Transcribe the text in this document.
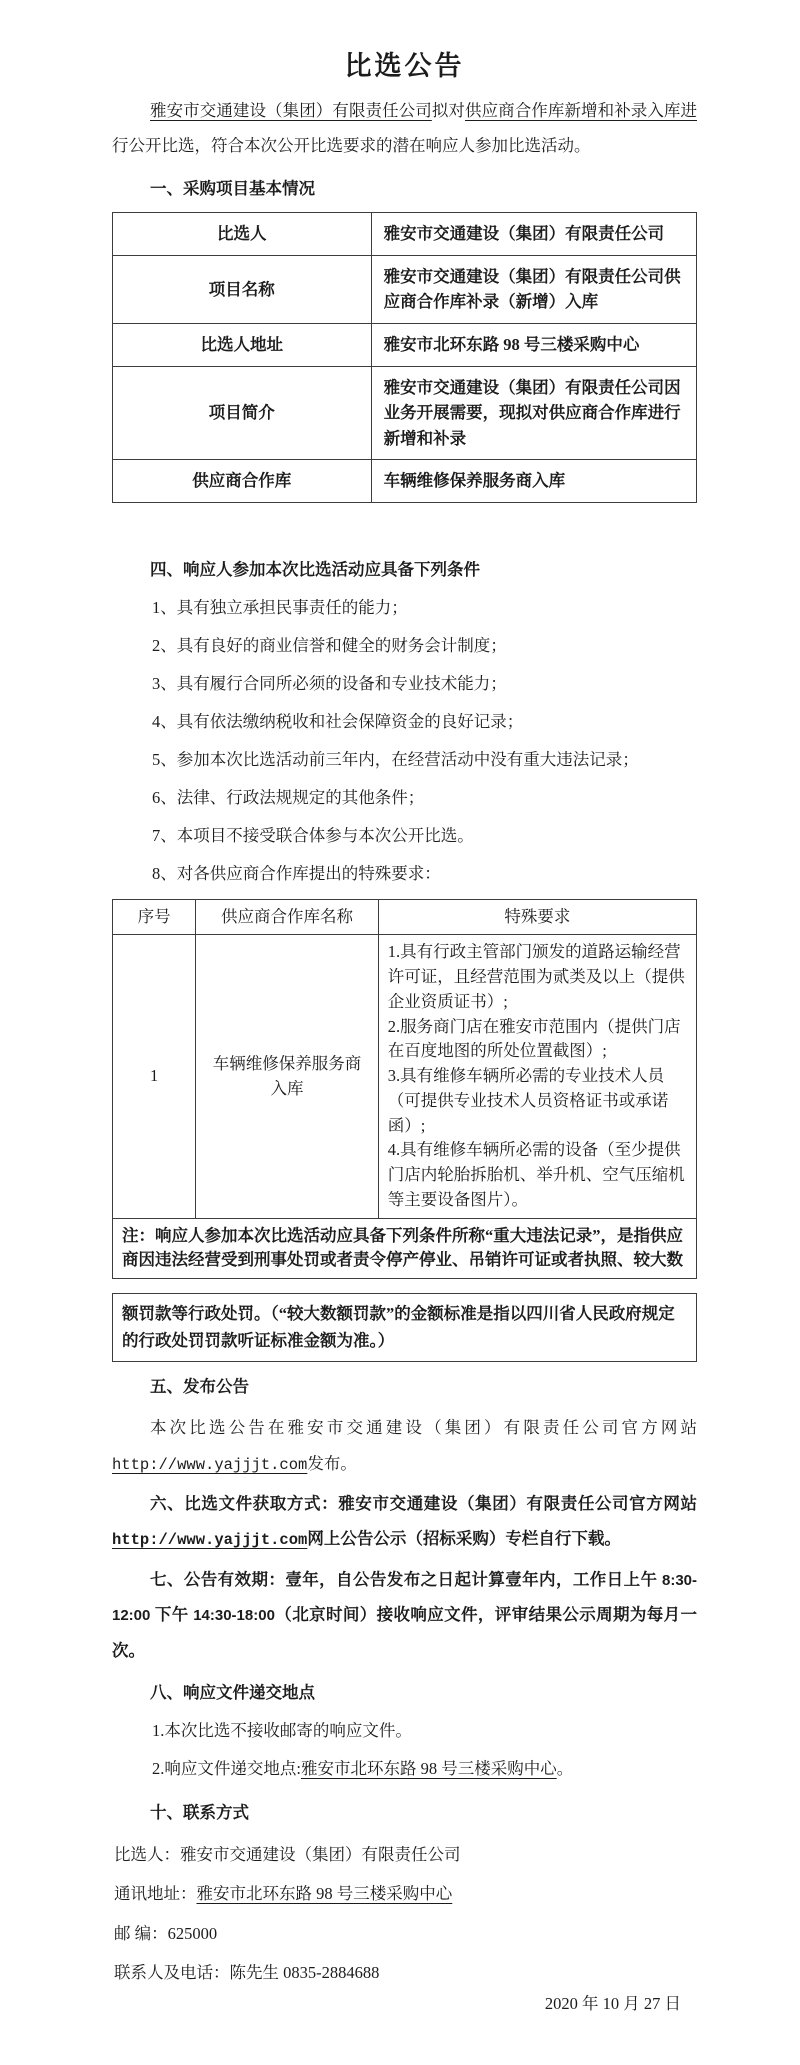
比选公告

雅安市交通建设（集团）有限责任公司拟对供应商合作库新增和补录入库进行公开比选，符合本次公开比选要求的潜在响应人参加比选活动。

一、采购项目基本情况
比选人	雅安市交通建设（集团）有限责任公司
项目名称	雅安市交通建设（集团）有限责任公司供应商合作库补录（新增）入库
比选人地址	雅安市北环东路 98 号三楼采购中心
项目简介	雅安市交通建设（集团）有限责任公司因业务开展需要，现拟对供应商合作库进行新增和补录
供应商合作库	车辆维修保养服务商入库
四、响应人参加本次比选活动应具备下列条件

1、具有独立承担民事责任的能力；

2、具有良好的商业信誉和健全的财务会计制度；

3、具有履行合同所必须的设备和专业技术能力；

4、具有依法缴纳税收和社会保障资金的良好记录；

5、参加本次比选活动前三年内，在经营活动中没有重大违法记录；

6、法律、行政法规规定的其他条件；

7、本项目不接受联合体参与本次公开比选。

8、对各供应商合作库提出的特殊要求：

序号	供应商合作库名称	特殊要求
1	车辆维修保养服务商入库	1.具有行政主管部门颁发的道路运输经营许可证，且经营范围为贰类及以上（提供企业资质证书）;
2.服务商门店在雅安市范围内（提供门店在百度地图的所处位置截图）;
3.具有维修车辆所必需的专业技术人员（可提供专业技术人员资格证书或承诺函）;
4.具有维修车辆所必需的设备（至少提供门店内轮胎拆胎机、举升机、空气压缩机等主要设备图片）。

注：响应人参加本次比选活动应具备下列条件所称“重大违法记录”，是指供应商因违法经营受到刑事处罚或者责令停产停业、吊销许可证或者执照、较大数		
额罚款等行政处罚。（“较大数额罚款”的金额标准是指以四川省人民政府规定的行政处罚罚款听证标准金额为准。）
五、发布公告

本次比选公告在雅安市交通建设（集团）有限责任公司官方网站http://www.yajjjt.com发布。

六、比选文件获取方式：雅安市交通建设（集团）有限责任公司官方网站http://www.yajjjt.com网上公告公示（招标采购）专栏自行下载。

七、公告有效期：壹年，自公告发布之日起计算壹年内，工作日上午 8:30-12:00 下午 14:30-18:00（北京时间）接收响应文件，评审结果公示周期为每月一次。

八、响应文件递交地点

1.本次比选不接收邮寄的响应文件。

2.响应文件递交地点:雅安市北环东路 98 号三楼采购中心。

十、联系方式

比选人：雅安市交通建设（集团）有限责任公司

通讯地址：雅安市北环东路 98 号三楼采购中心

邮 编：625000

联系人及电话：陈先生 0835-2884688

2020 年 10 月 27 日
